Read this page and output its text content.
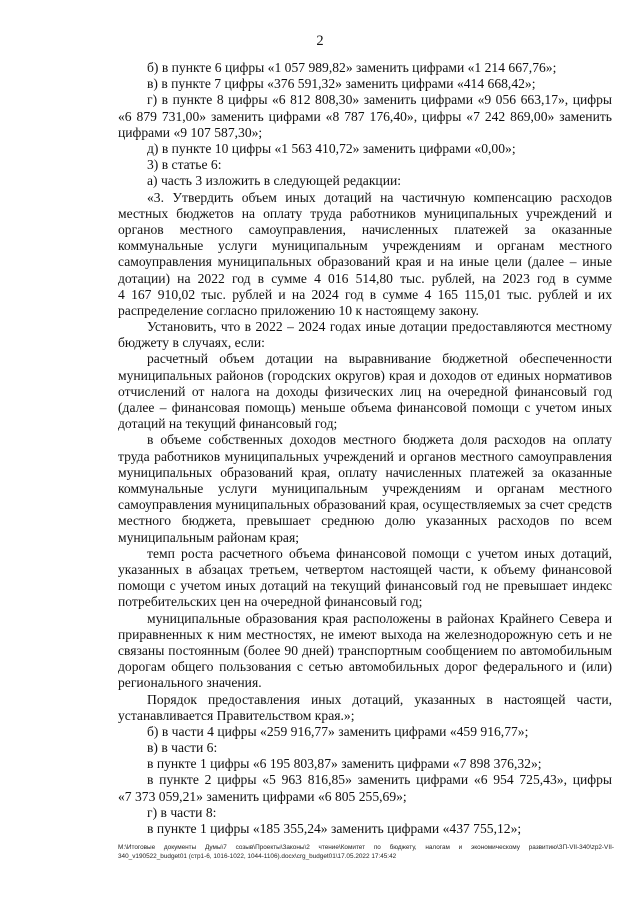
2
б) в пункте 6 цифры «1 057 989,82» заменить цифрами «1 214 667,76»;
в) в пункте 7 цифры «376 591,32» заменить цифрами «414 668,42»;
г) в пункте 8 цифры «6 812 808,30» заменить цифрами «9 056 663,17», цифры
«6 879 731,00» заменить цифрами «8 787 176,40», цифры «7 242 869,00» заменить
цифрами «9 107 587,30»;
д) в пункте 10 цифры «1 563 410,72» заменить цифрами «0,00»;
3) в статье 6:
а) часть 3 изложить в следующей редакции:
«3. Утвердить объем иных дотаций на частичную компенсацию расходов
местных бюджетов на оплату труда работников муниципальных учреждений и
органов местного самоуправления, начисленных платежей за оказанные
коммунальные услуги муниципальным учреждениям и органам местного
самоуправления муниципальных образований края и на иные цели (далее – иные
дотации) на 2022 год в сумме 4 016 514,80 тыс. рублей, на 2023 год в сумме
4 167 910,02 тыс. рублей и на 2024 год в сумме 4 165 115,01 тыс. рублей и их
распределение согласно приложению 10 к настоящему закону.
Установить, что в 2022 – 2024 годах иные дотации предоставляются местному
бюджету в случаях, если:
расчетный объем дотации на выравнивание бюджетной обеспеченности
муниципальных районов (городских округов) края и доходов от единых нормативов
отчислений от налога на доходы физических лиц на очередной финансовый год
(далее – финансовая помощь) меньше объема финансовой помощи с учетом иных
дотаций на текущий финансовый год;
в объеме собственных доходов местного бюджета доля расходов на оплату
труда работников муниципальных учреждений и органов местного самоуправления
муниципальных образований края, оплату начисленных платежей за оказанные
коммунальные услуги муниципальным учреждениям и органам местного
самоуправления муниципальных образований края, осуществляемых за счет средств
местного бюджета, превышает среднюю долю указанных расходов по всем
муниципальным районам края;
темп роста расчетного объема финансовой помощи с учетом иных дотаций,
указанных в абзацах третьем, четвертом настоящей части, к объему финансовой
помощи с учетом иных дотаций на текущий финансовый год не превышает индекс
потребительских цен на очередной финансовый год;
муниципальные образования края расположены в районах Крайнего Севера и
приравненных к ним местностях, не имеют выхода на железнодорожную сеть и не
связаны постоянным (более 90 дней) транспортным сообщением по автомобильным
дорогам общего пользования с сетью автомобильных дорог федерального и (или)
регионального значения.
Порядок предоставления иных дотаций, указанных в настоящей части,
устанавливается Правительством края.»;
б) в части 4 цифры «259 916,77» заменить цифрами «459 916,77»;
в) в части 6:
в пункте 1 цифры «6 195 803,87» заменить цифрами «7 898 376,32»;
в пункте 2 цифры «5 963 816,85» заменить цифрами «6 954 725,43», цифры
«7 373 059,21» заменить цифрами «6 805 255,69»;
г) в части 8:
в пункте 1 цифры «185 355,24» заменить цифрами «437 755,12»;
М:\Итоговые документы Думы\7 созыв\Проекты\Законы\2 чтение\Комитет по бюджету, налогам и экономическому развитию\ЗП-VII-340\zp2-VII-
340_v190522_budget01 (стр1-6, 1016-1022, 1044-1106).docx\crg_budget01\17.05.2022 17:45:42
